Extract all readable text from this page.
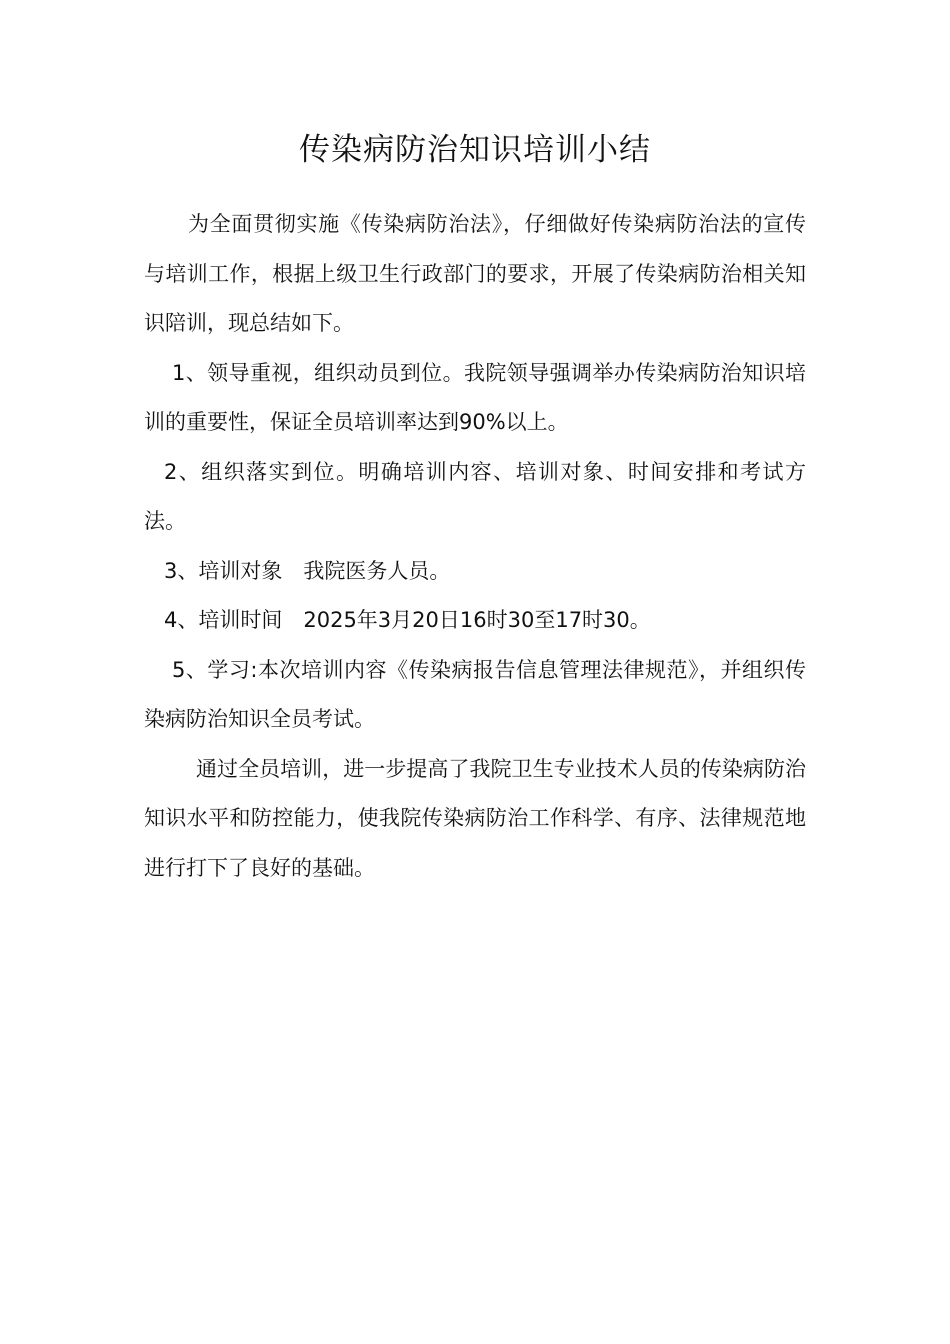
传染病防治知识培训小结

为全面贯彻实施《传染病防治法》，仔细做好传染病防治法的宣传与培训工作，根据上级卫生行政部门的要求，开展了传染病防治相关知识陪训，现总结如下。

1、领导重视，组织动员到位。我院领导强调举办传染病防治知识培训的重要性，保证全员培训率达到90%以上。

2、组织落实到位。明确培训内容、培训对象、时间安排和考试方法。

3、培训对象　我院医务人员。

4、培训时间　2025年3月20日16时30至17时30。

5、学习:本次培训内容《传染病报告信息管理法律规范》，并组织传染病防治知识全员考试。

通过全员培训，进一步提高了我院卫生专业技术人员的传染病防治知识水平和防控能力，使我院传染病防治工作科学、有序、法律规范地进行打下了良好的基础。
